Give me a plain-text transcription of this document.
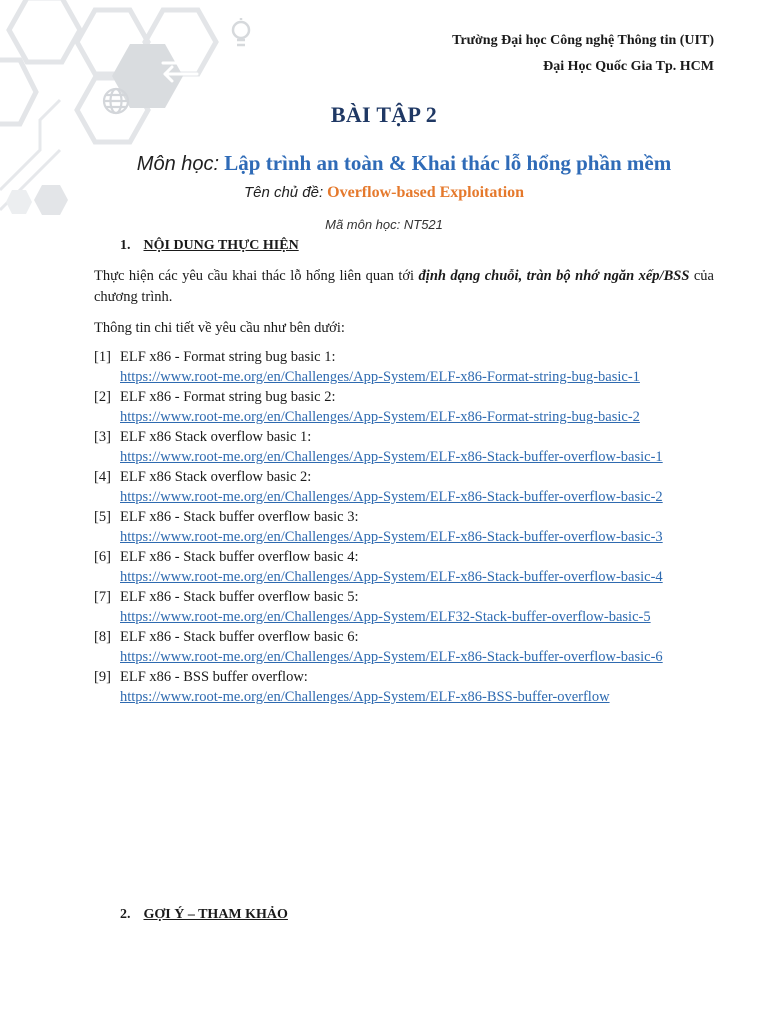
Trường Đại học Công nghệ Thông tin (UIT)
Đại Học Quốc Gia Tp. HCM
BÀI TẬP 2
Môn học: Lập trình an toàn & Khai thác lỗ hổng phần mềm
Tên chủ đề: Overflow-based Exploitation
Mã môn học: NT521
1. NỘI DUNG THỰC HIỆN
Thực hiện các yêu cầu khai thác lỗ hổng liên quan tới định dạng chuỗi, tràn bộ nhớ ngăn xếp/BSS của chương trình.
Thông tin chi tiết về yêu cầu như bên dưới:
[1] ELF x86 - Format string bug basic 1:
https://www.root-me.org/en/Challenges/App-System/ELF-x86-Format-string-bug-basic-1
[2] ELF x86 - Format string bug basic 2:
https://www.root-me.org/en/Challenges/App-System/ELF-x86-Format-string-bug-basic-2
[3] ELF x86 Stack overflow basic 1:
https://www.root-me.org/en/Challenges/App-System/ELF-x86-Stack-buffer-overflow-basic-1
[4] ELF x86 Stack overflow basic 2:
https://www.root-me.org/en/Challenges/App-System/ELF-x86-Stack-buffer-overflow-basic-2
[5] ELF x86 - Stack buffer overflow basic 3:
https://www.root-me.org/en/Challenges/App-System/ELF-x86-Stack-buffer-overflow-basic-3
[6] ELF x86 - Stack buffer overflow basic 4:
https://www.root-me.org/en/Challenges/App-System/ELF-x86-Stack-buffer-overflow-basic-4
[7] ELF x86 - Stack buffer overflow basic 5:
https://www.root-me.org/en/Challenges/App-System/ELF32-Stack-buffer-overflow-basic-5
[8] ELF x86 - Stack buffer overflow basic 6:
https://www.root-me.org/en/Challenges/App-System/ELF-x86-Stack-buffer-overflow-basic-6
[9] ELF x86 - BSS buffer overflow:
https://www.root-me.org/en/Challenges/App-System/ELF-x86-BSS-buffer-overflow
2. GỢI Ý – THAM KHẢO
